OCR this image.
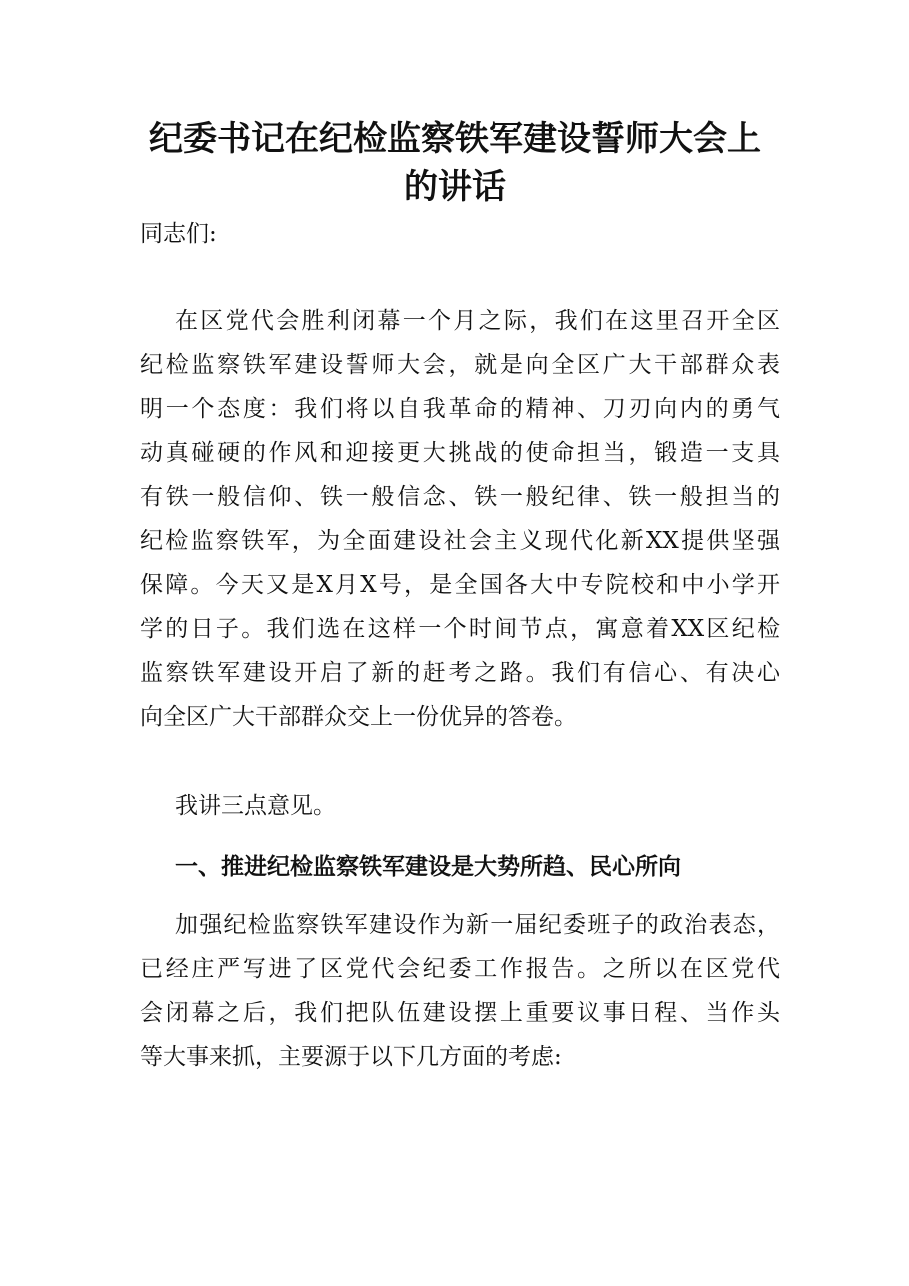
纪委书记在纪检监察铁军建设誓师大会上
的讲话
同志们:
在区党代会胜利闭幕一个月之际，我们在这里召开全区
纪检监察铁军建设誓师大会，就是向全区广大干部群众表
明一个态度：我们将以自我革命的精神、刀刃向内的勇气
动真碰硬的作风和迎接更大挑战的使命担当，锻造一支具
有铁一般信仰、铁一般信念、铁一般纪律、铁一般担当的
纪检监察铁军，为全面建设社会主义现代化新XX提供坚强
保障。今天又是X月X号，是全国各大中专院校和中小学开
学的日子。我们选在这样一个时间节点，寓意着XX区纪检
监察铁军建设开启了新的赶考之路。我们有信心、有决心
向全区广大干部群众交上一份优异的答卷。
我讲三点意见。
一、推进纪检监察铁军建设是大势所趋、民心所向
加强纪检监察铁军建设作为新一届纪委班子的政治表态，
已经庄严写进了区党代会纪委工作报告。之所以在区党代
会闭幕之后，我们把队伍建设摆上重要议事日程、当作头
等大事来抓，主要源于以下几方面的考虑:
